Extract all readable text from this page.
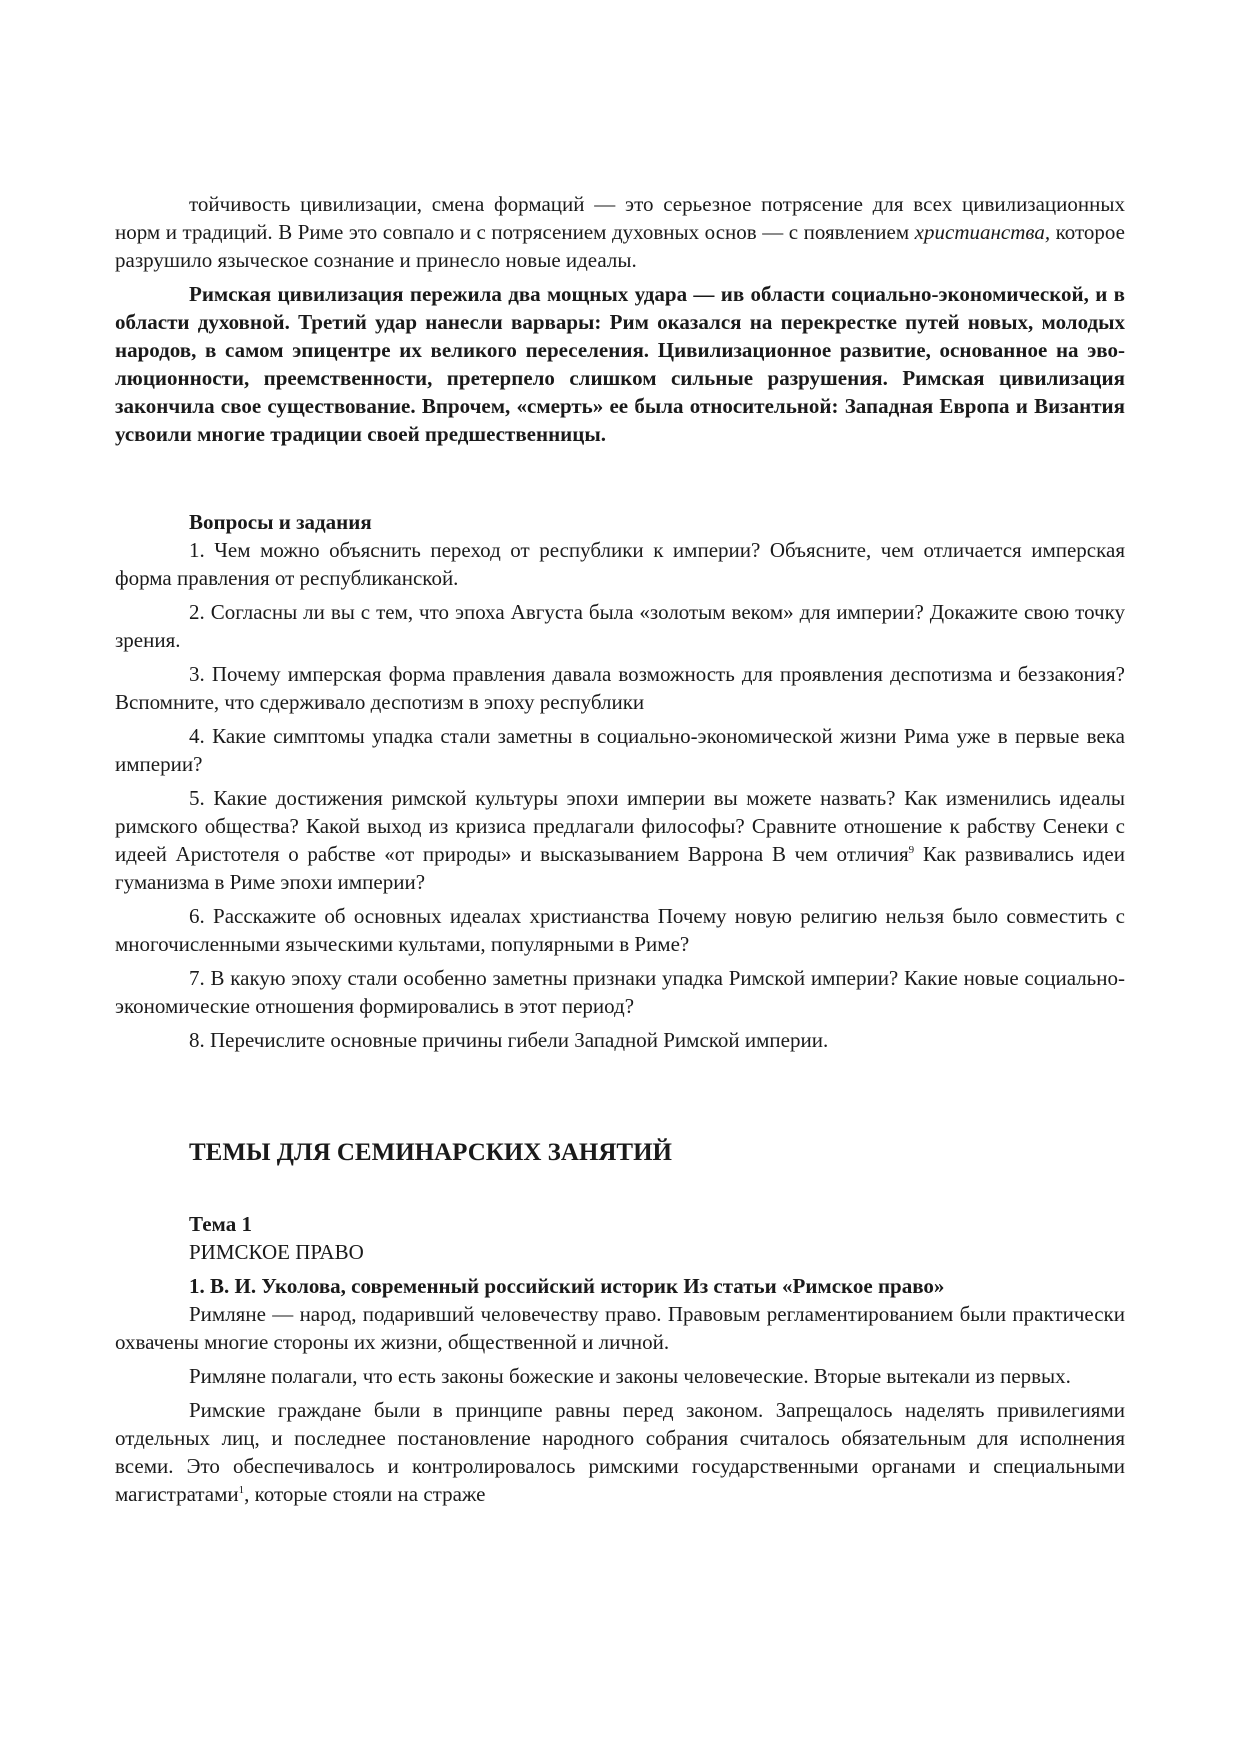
тойчивость цивилизации, смена формаций — это серьезное потрясение для всех цивилизационных норм и традиций. В Риме это совпало и с потрясением духовных основ — с появлением христианства, которое разрушило языческое сознание и принесло новые идеалы.

Римская цивилизация пережила два мощных удара — ив области социально-экономической, и в области духовной. Третий удар нанесли варвары: Рим оказался на перекрестке путей новых, молодых народов, в самом эпицентре их великого переселения. Цивилизационное развитие, основанное на эво-люционности, преемственности, претерпело слишком сильные разрушения. Римская цивилизация закончила свое существование. Впрочем, «смерть» ее была относительной: Западная Европа и Византия усвоили многие традиции своей предшественницы.

Вопросы и задания

1. Чем можно объяснить переход от республики к империи? Объясните, чем отличается имперская форма правления от республиканской.

2. Согласны ли вы с тем, что эпоха Августа была «золотым веком» для империи? Докажите свою точку зрения.

3. Почему имперская форма правления давала возможность для проявления деспотизма и беззакония? Вспомните, что сдерживало деспотизм в эпоху республики

4. Какие симптомы упадка стали заметны в социально-экономической жизни Рима уже в первые века империи?

5. Какие достижения римской культуры эпохи империи вы можете назвать? Как изменились идеалы римского общества? Какой выход из кризиса предлагали философы? Сравните отношение к рабству Сенеки с идеей Аристотеля о рабстве «от природы» и высказыванием Варрона В чем отличия$^9$ Как развивались идеи гуманизма в Риме эпохи империи?

6. Расскажите об основных идеалах христианства Почему новую религию нельзя было совместить с многочисленными языческими культами, популярными в Риме?

7. В какую эпоху стали особенно заметны признаки упадка Римской империи? Какие новые социально-экономические отношения формировались в этот период?

8. Перечислите основные причины гибели Западной Римской империи.

ТЕМЫ ДЛЯ СЕМИНАРСКИХ ЗАНЯТИЙ

Тема 1

РИМСКОЕ ПРАВО

1. В. И. Уколова, современный российский историк Из статьи «Римское право»

Римляне — народ, подаривший человечеству право. Правовым регламентированием были практически охвачены многие стороны их жизни, общественной и личной.

Римляне полагали, что есть законы божеские и законы человеческие. Вторые вытекали из первых.

Римские граждане были в принципе равны перед законом. Запрещалось наделять привилегиями отдельных лиц, и последнее постановление народного собрания считалось обязательным для исполнения всеми. Это обеспечивалось и контролировалось римскими государственными органами и специальными магистратами$^1$, которые стояли на страже
